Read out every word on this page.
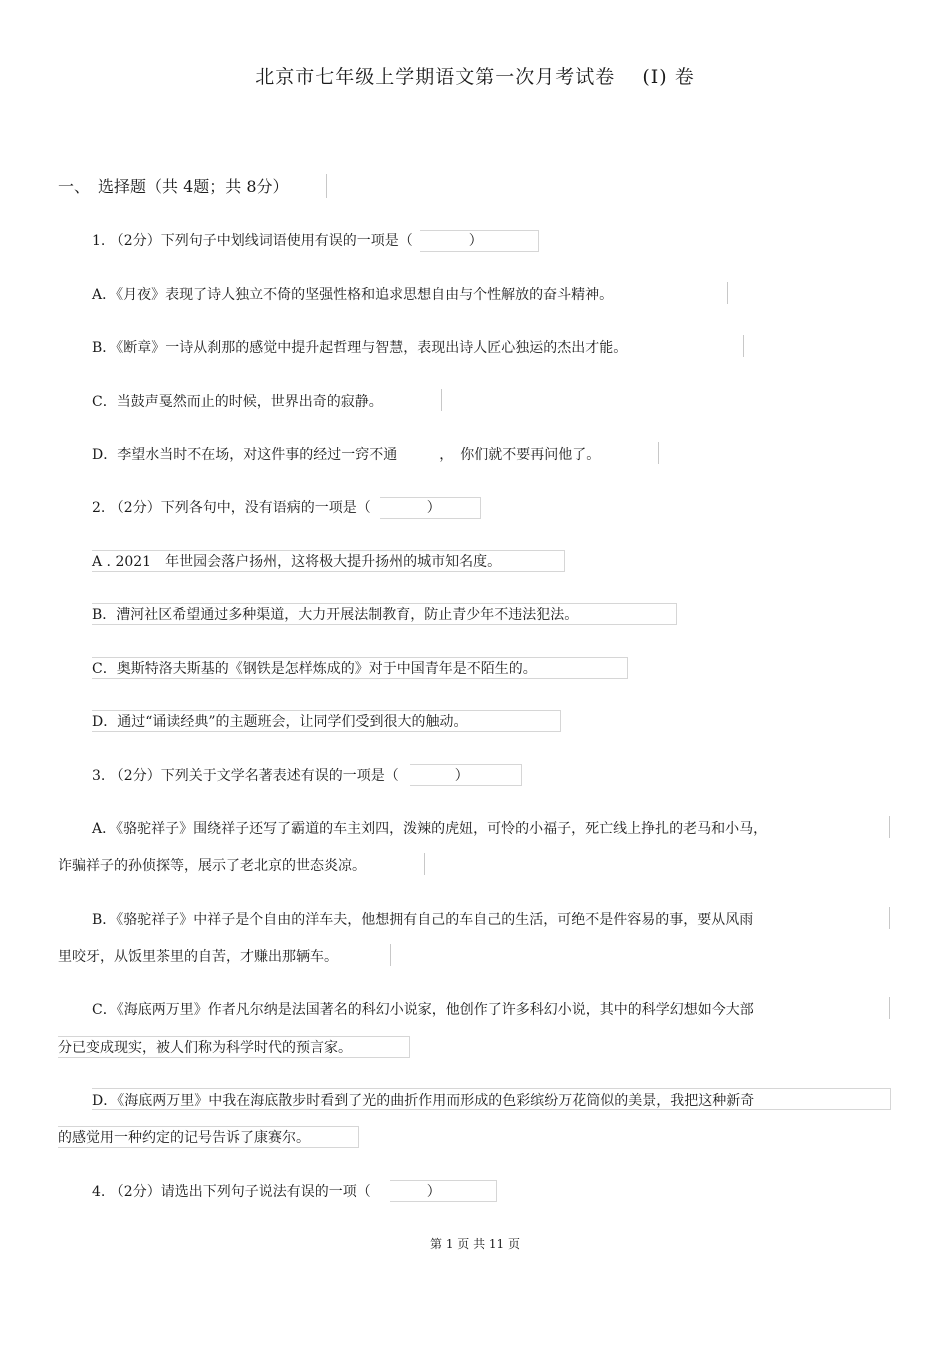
北京市七年级上学期语文第一次月考试卷　 (I) 卷
一、　选择题（共 4题；共 8分）
1. （2分）下列句子中划线词语使用有误的一项是（　　　　）
A．《月夜》表现了诗人独立不倚的坚强性格和追求思想自由与个性解放的奋斗精神。
B．《断章》一诗从刹那的感觉中提升起哲理与智慧，表现出诗人匠心独运的杰出才能。
C．当鼓声戛然而止的时候，世界出奇的寂静。
D．李望水当时不在场，对这件事的经过一窍不通　　　，　你们就不要再问他了。
2. （2分）下列各句中，没有语病的一项是（　　　　）
A . 2021　年世园会落户扬州，这将极大提升扬州的城市知名度。
B．漕河社区希望通过多种渠道，大力开展法制教育，防止青少年不违法犯法。
C．奥斯特洛夫斯基的《钢铁是怎样炼成的》对于中国青年是不陌生的。
D．通过“诵读经典”的主题班会，让同学们受到很大的触动。
3. （2分）下列关于文学名著表述有误的一项是（　　　　）
A．《骆驼祥子》围绕祥子还写了霸道的车主刘四，泼辣的虎妞，可怜的小福子，死亡线上挣扎的老马和小马，
诈骗祥子的孙侦探等，展示了老北京的世态炎凉。
B．《骆驼祥子》中祥子是个自由的洋车夫，他想拥有自己的车自己的生活，可绝不是件容易的事，要从风雨
里咬牙，从饭里茶里的自苦，才赚出那辆车。
C．《海底两万里》作者凡尔纳是法国著名的科幻小说家，他创作了许多科幻小说，其中的科学幻想如今大部
分已变成现实，被人们称为科学时代的预言家。
D．《海底两万里》中我在海底散步时看到了光的曲折作用而形成的色彩缤纷万花筒似的美景，我把这种新奇
的感觉用一种约定的记号告诉了康赛尔。
4. （2分）请选出下列句子说法有误的一项（　　　　）
第 1 页 共 11 页
